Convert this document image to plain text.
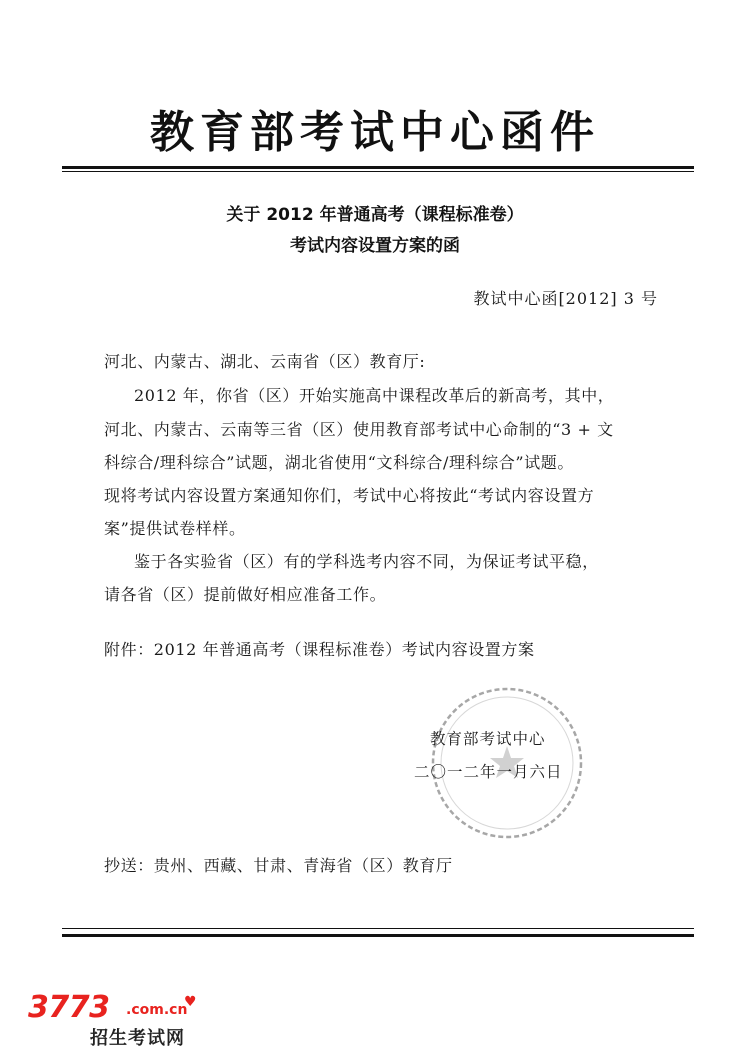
教育部考试中心函件
关于 2012 年普通高考（课程标准卷）
考试内容设置方案的函
教试中心函[2012] 3 号
河北、内蒙古、湖北、云南省（区）教育厅:
2012 年，你省（区）开始实施高中课程改革后的新高考，其中，
河北、内蒙古、云南等三省（区）使用教育部考试中心命制的“3 + 文
科综合/理科综合”试题，湖北省使用“文科综合/理科综合”试题。
现将考试内容设置方案通知你们，考试中心将按此“考试内容设置方
案”提供试卷样样。
鉴于各实验省（区）有的学科选考内容不同，为保证考试平稳，
请各省（区）提前做好相应准备工作。
附件：2012 年普通高考（课程标准卷）考试内容设置方案
教育部考试中心
二〇一二年一月六日
抄送：贵州、西藏、甘肃、青海省（区）教育厅
3773 .com.cn
♥
招生考试网
